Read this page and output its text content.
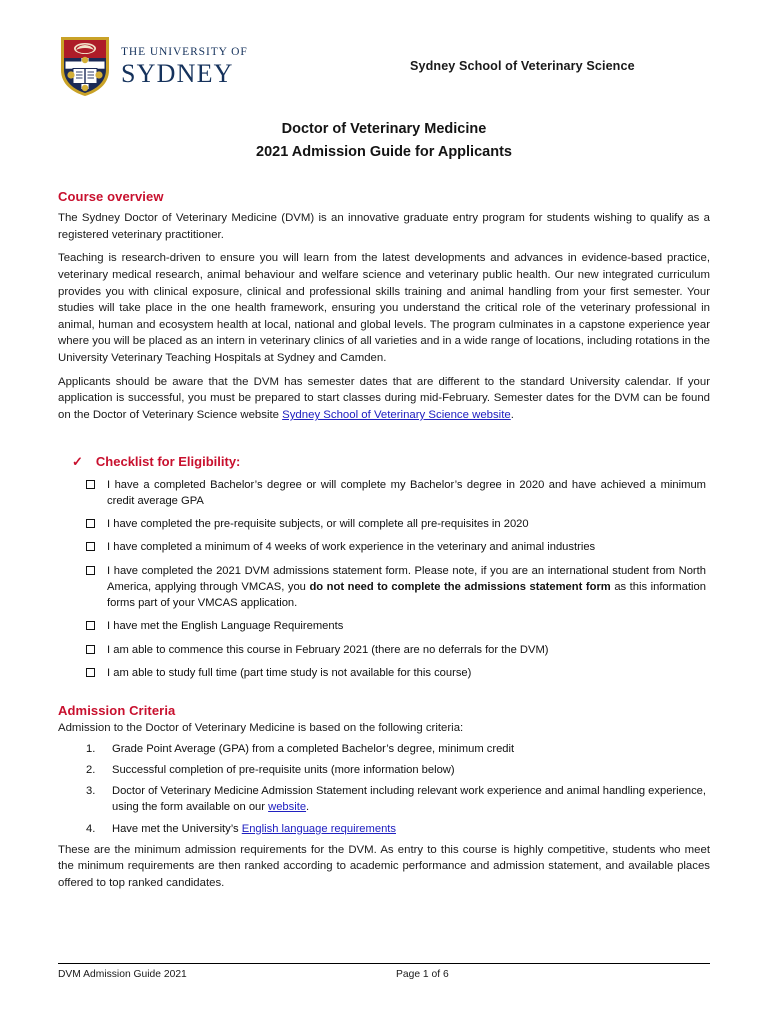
THE UNIVERSITY OF
SYDNEY	Sydney School of Veterinary Science
Doctor of Veterinary Medicine
2021 Admission Guide for Applicants
Course overview

The Sydney Doctor of Veterinary Medicine (DVM) is an innovative graduate entry program for students wishing to qualify as a registered veterinary practitioner.

Teaching is research-driven to ensure you will learn from the latest developments and advances in evidence-based practice, veterinary medical research, animal behaviour and welfare science and veterinary public health. Our new integrated curriculum provides you with clinical exposure, clinical and professional skills training and animal handling from your first semester. Your studies will take place in the one health framework, ensuring you understand the critical role of the veterinary professional in animal, human and ecosystem health at local, national and global levels. The program culminates in a capstone experience year where you will be placed as an intern in veterinary clinics of all varieties and in a wide range of locations, including rotations in the University Veterinary Teaching Hospitals at Sydney and Camden.

Applicants should be aware that the DVM has semester dates that are different to the standard University calendar. If your application is successful, you must be prepared to start classes during mid-February. Semester dates for the DVM can be found on the Doctor of Veterinary Science website Sydney School of Veterinary Science website.

✓ Checklist for Eligibility:
I have a completed Bachelor’s degree or will complete my Bachelor’s degree in 2020 and have achieved a minimum credit average GPA
I have completed the pre-requisite subjects, or will complete all pre-requisites in 2020
I have completed a minimum of 4 weeks of work experience in the veterinary and animal industries
I have completed the 2021 DVM admissions statement form. Please note, if you are an international student from North America, applying through VMCAS, you do not need to complete the admissions statement form as this information forms part of your VMCAS application.
I have met the English Language Requirements
I am able to commence this course in February 2021 (there are no deferrals for the DVM)
I am able to study full time (part time study is not available for this course)
Admission Criteria
Admission to the Doctor of Veterinary Medicine is based on the following criteria:
1.	Grade Point Average (GPA) from a completed Bachelor’s degree, minimum credit
2.	Successful completion of pre-requisite units (more information below)
3.	Doctor of Veterinary Medicine Admission Statement including relevant work experience and animal handling experience, using the form available on our website.
4.	Have met the University’s English language requirements

These are the minimum admission requirements for the DVM. As entry to this course is highly competitive, students who meet the minimum requirements are then ranked according to academic performance and admission statement, and available places offered to top ranked candidates.

DVM Admission Guide 2021	Page 1 of 6
